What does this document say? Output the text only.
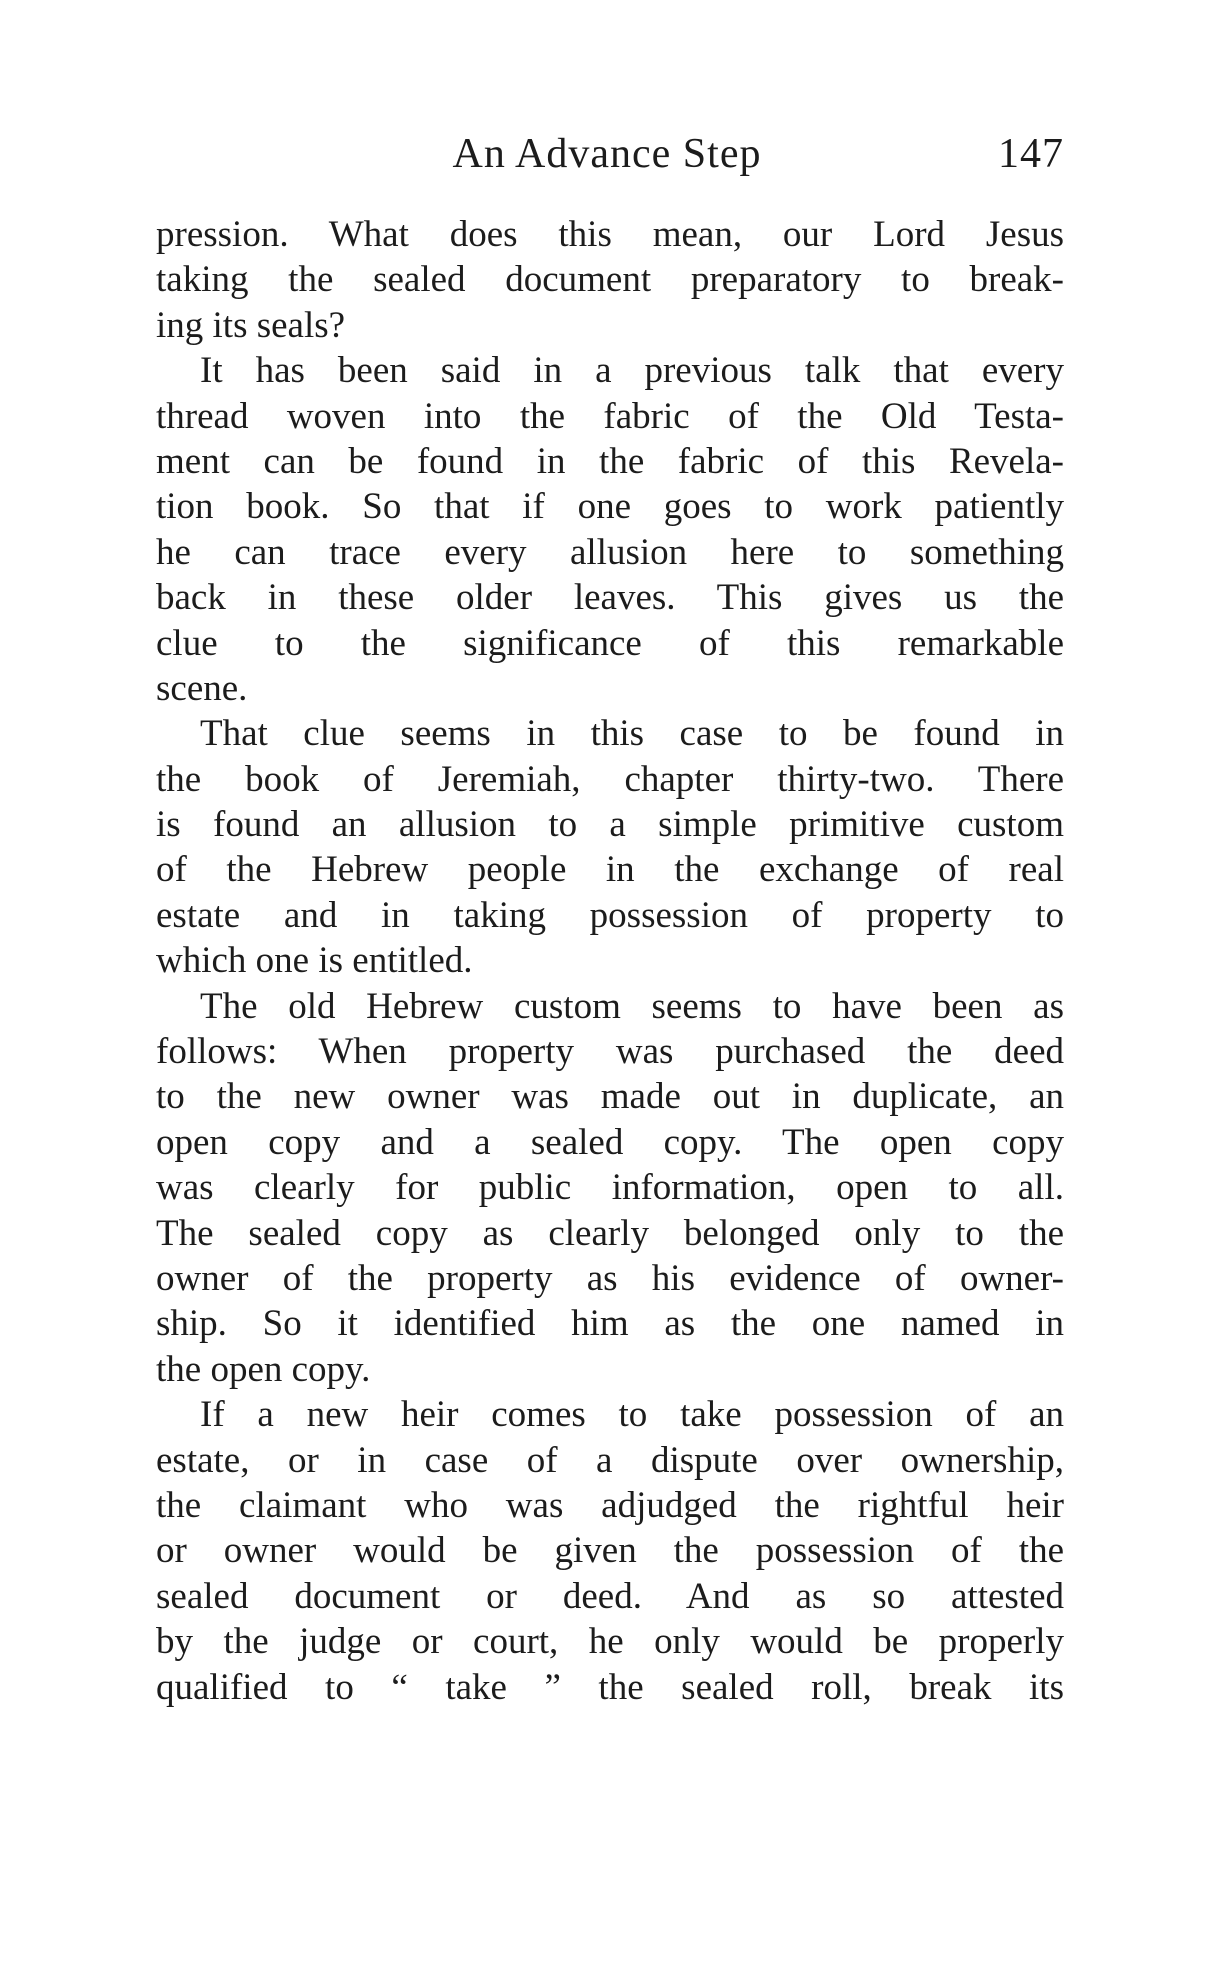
An Advance Step	147
pression. What does this mean, our Lord Jesus
taking the sealed document preparatory to break-
ing its seals?
It has been said in a previous talk that every
thread woven into the fabric of the Old Testa-
ment can be found in the fabric of this Revela-
tion book. So that if one goes to work patiently
he can trace every allusion here to something
back in these older leaves. This gives us the
clue to the significance of this remarkable
scene.
That clue seems in this case to be found in
the book of Jeremiah, chapter thirty-two. There
is found an allusion to a simple primitive custom
of the Hebrew people in the exchange of real
estate and in taking possession of property to
which one is entitled.
The old Hebrew custom seems to have been as
follows: When property was purchased the deed
to the new owner was made out in duplicate, an
open copy and a sealed copy. The open copy
was clearly for public information, open to all.
The sealed copy as clearly belonged only to the
owner of the property as his evidence of owner-
ship. So it identified him as the one named in
the open copy.
If a new heir comes to take possession of an
estate, or in case of a dispute over ownership,
the claimant who was adjudged the rightful heir
or owner would be given the possession of the
sealed document or deed. And as so attested
by the judge or court, he only would be properly
qualified to “ take ” the sealed roll, break its
